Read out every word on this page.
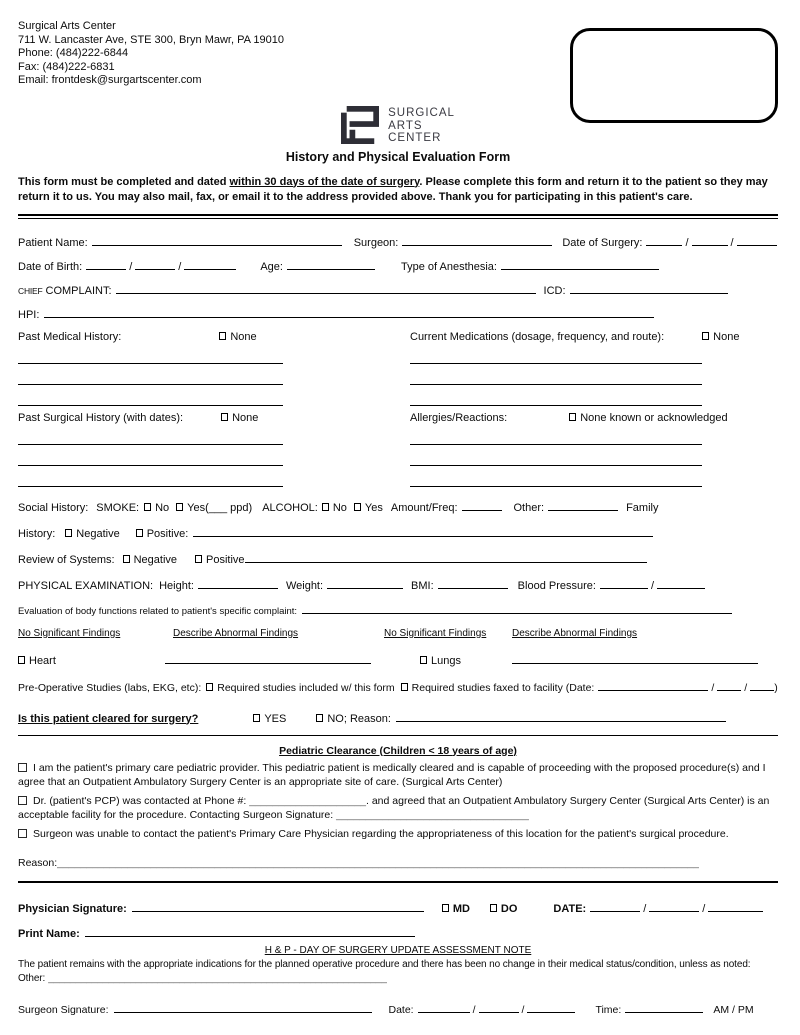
Surgical Arts Center
711 W. Lancaster Ave, STE 300, Bryn Mawr, PA 19010
Phone: (484)222-6844
Fax: (484)222-6831
Email: frontdesk@surgartscenter.com
SURGICAL
ARTS
CENTER
History and Physical Evaluation Form
This form must be completed and dated within 30 days of the date of surgery. Please complete this form and return it to the patient so they may return it to us. You may also mail, fax, or email it to the address provided above. Thank you for participating in this patient's care.
Patient Name:	Surgeon:	Date of Surgery:	/	/
Date of Birth:	/	/	Age:	Type of Anesthesia:
CHIEF COMPLAINT:	ICD:
HPI:
Past Medical History:	None
Past Surgical History (with dates):	None
Current Medications (dosage, frequency, and route):	None
Allergies/Reactions:	None known or acknowledged
Social History: SMOKE:	No	Yes(___ ppd) ALCOHOL:	No	Yes Amount/Freq:	Other:	Family
History:	Negative	Positive:
Review of Systems:	Negative	Positive
PHYSICAL EXAMINATION: Height:	Weight:	BMI:	Blood Pressure:	/
Evaluation of body functions related to patient's specific complaint:
No Significant Findings	Describe Abnormal Findings	No Significant Findings	Describe Abnormal Findings
Heart	Lungs
Pre-Operative Studies (labs, EKG, etc):	Required studies included w/ this form	Required studies faxed to facility (Date:	/	/	)
Is this patient cleared for surgery?	YES	NO; Reason:
Pediatric Clearance (Children < 18 years of age)
I am the patient's primary care pediatric provider. This pediatric patient is medically cleared and is capable of proceeding with the proposed procedure(s) and I agree that an Outpatient Ambulatory Surgery Center is an appropriate site of care. (Surgical Arts Center)
Dr. (patient's PCP) was contacted at Phone #: ____________________. and agreed that an Outpatient Ambulatory Surgery Center (Surgical Arts Center) is an acceptable facility for the procedure. Contacting Surgeon Signature: _________________________________
Surgeon was unable to contact the patient's Primary Care Physician regarding the appropriateness of this location for the patient's surgical procedure.
Reason: ______________________________________________________________________________________________________________
Physician Signature:	MD	DO	DATE:	/	/
Print Name:
H & P - DAY OF SURGERY UPDATE ASSESSMENT NOTE
The patient remains with the appropriate indications for the planned operative procedure and there has been no change in their medical status/condition, unless as noted:
Other: ______________________________________________________________
Surgeon Signature:	Date:	/	/	Time:	AM / PM
